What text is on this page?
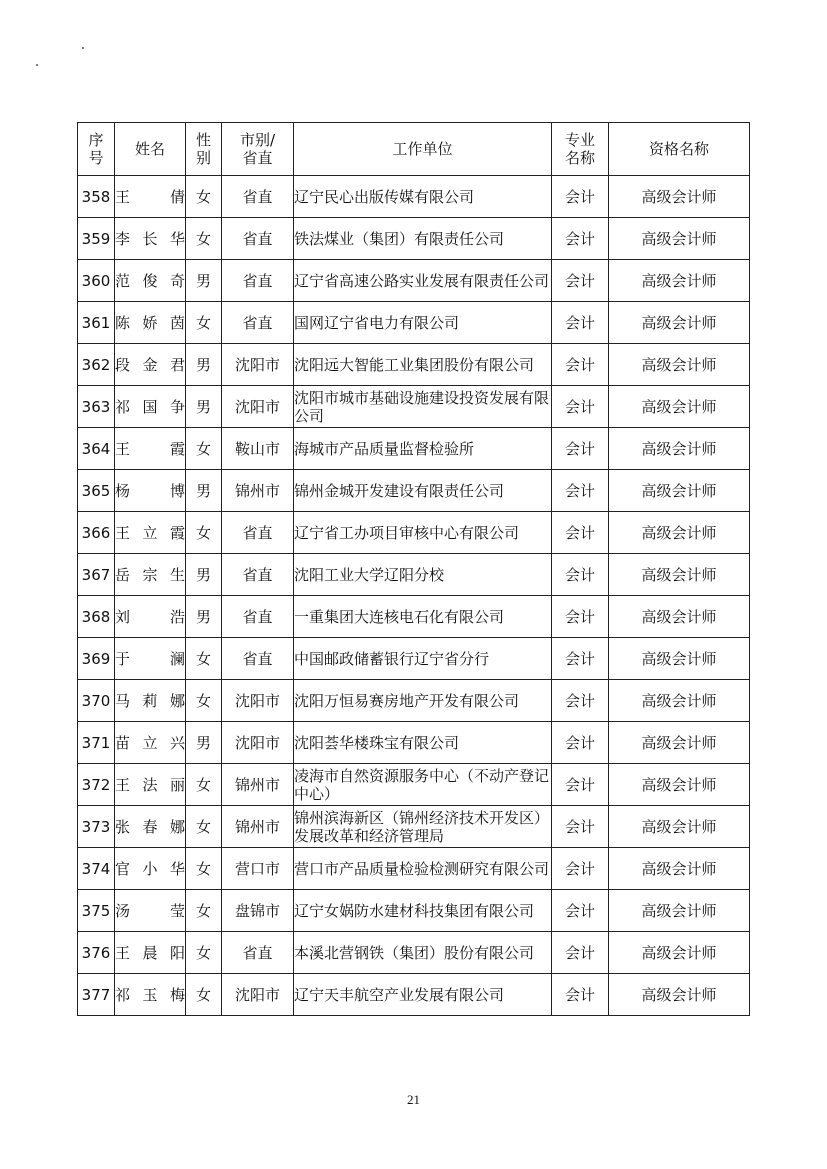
序号	姓名	性别	市别/省直	工作单位	专业名称	资格名称
358	王倩	女	省直	辽宁民心出版传媒有限公司	会计	高级会计师
359	李长华	女	省直	铁法煤业（集团）有限责任公司	会计	高级会计师
360	范俊奇	男	省直	辽宁省高速公路实业发展有限责任公司	会计	高级会计师
361	陈娇茵	女	省直	国网辽宁省电力有限公司	会计	高级会计师
362	段金君	男	沈阳市	沈阳远大智能工业集团股份有限公司	会计	高级会计师
363	祁国争	男	沈阳市	沈阳市城市基础设施建设投资发展有限公司	会计	高级会计师
364	王霞	女	鞍山市	海城市产品质量监督检验所	会计	高级会计师
365	杨博	男	锦州市	锦州金城开发建设有限责任公司	会计	高级会计师
366	王立霞	女	省直	辽宁省工办项目审核中心有限公司	会计	高级会计师
367	岳宗生	男	省直	沈阳工业大学辽阳分校	会计	高级会计师
368	刘浩	男	省直	一重集团大连核电石化有限公司	会计	高级会计师
369	于澜	女	省直	中国邮政储蓄银行辽宁省分行	会计	高级会计师
370	马莉娜	女	沈阳市	沈阳万恒易赛房地产开发有限公司	会计	高级会计师
371	苗立兴	男	沈阳市	沈阳荟华楼珠宝有限公司	会计	高级会计师
372	王法丽	女	锦州市	凌海市自然资源服务中心（不动产登记中心）	会计	高级会计师
373	张春娜	女	锦州市	锦州滨海新区（锦州经济技术开发区）发展改革和经济管理局	会计	高级会计师
374	官小华	女	营口市	营口市产品质量检验检测研究有限公司	会计	高级会计师
375	汤莹	女	盘锦市	辽宁女娲防水建材科技集团有限公司	会计	高级会计师
376	王晨阳	女	省直	本溪北营钢铁（集团）股份有限公司	会计	高级会计师
377	祁玉梅	女	沈阳市	辽宁天丰航空产业发展有限公司	会计	高级会计师
21
